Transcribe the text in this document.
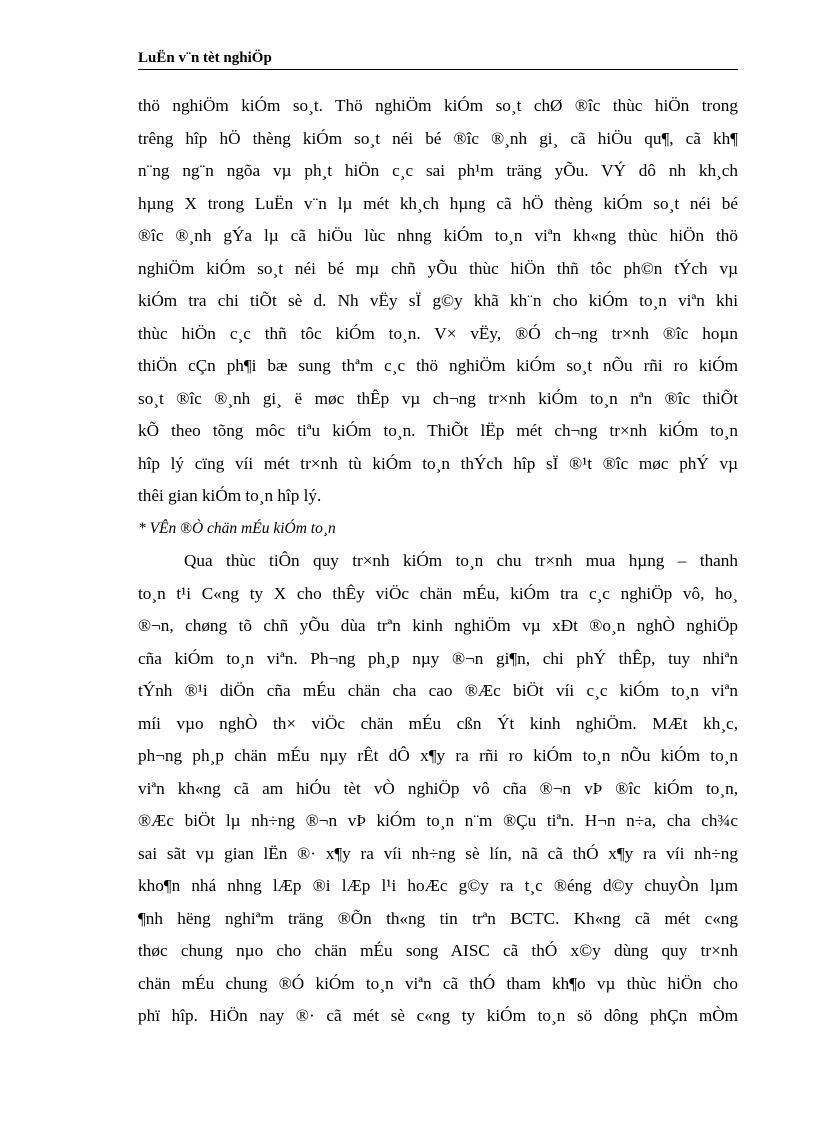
LuËn v¨n tèt nghiÖp
thö nghiÖm kiÓm so¸t. Thö nghiÖm kiÓm so¸t chØ ®îc thùc hiÖn trong
trêng hîp hÖ thèng kiÓm so¸t néi bé ®îc ®¸nh gi¸ cã hiÖu qu¶, cã kh¶
n¨ng ng¨n ngõa vµ ph¸t hiÖn c¸c sai ph¹m träng yÕu. VÝ dô nh kh¸ch
hµng X trong LuËn v¨n lµ mét kh¸ch hµng cã hÖ thèng kiÓm so¸t néi bé
®îc ®¸nh gÝa lµ cã hiÖu lùc nhng kiÓm to¸n viªn kh«ng thùc hiÖn thö
nghiÖm kiÓm so¸t néi bé mµ chñ yÕu thùc hiÖn thñ tôc ph©n tÝch vµ
kiÓm tra chi tiÕt sè d. Nh vËy sÏ g©y khã kh¨n cho kiÓm to¸n viªn khi
thùc hiÖn c¸c thñ tôc kiÓm to¸n. V× vËy, ®Ó ch¬ng tr×nh ®îc hoµn
thiÖn cÇn ph¶i bæ sung thªm c¸c thö nghiÖm kiÓm so¸t nÕu rñi ro kiÓm
so¸t ®îc ®¸nh gi¸ ë møc thÊp vµ ch¬ng tr×nh kiÓm to¸n nªn ®îc thiÕt
kÕ theo tõng môc tiªu kiÓm to¸n. ThiÕt lËp mét ch¬ng tr×nh kiÓm to¸n
hîp lý cïng víi mét tr×nh tù kiÓm to¸n thÝch hîp sÏ ®¹t ®îc møc phÝ vµ
thêi gian kiÓm to¸n hîp lý.
* VÊn ®Ò chän mÉu kiÓm to¸n
Qua thùc tiÔn quy tr×nh kiÓm to¸n chu tr×nh mua hµng – thanh
to¸n t¹i C«ng ty X cho thÊy viÖc chän mÉu, kiÓm tra c¸c nghiÖp vô, ho¸
®¬n, chøng tõ chñ yÕu dùa trªn kinh nghiÖm vµ xÐt ®o¸n nghÒ nghiÖp
cña kiÓm to¸n viªn. Ph¬ng ph¸p nµy ®¬n gi¶n, chi phÝ thÊp, tuy nhiªn
tÝnh ®¹i diÖn cña mÉu chän cha cao ®Æc biÖt víi c¸c kiÓm to¸n viªn
míi vµo nghÒ th× viÖc chän mÉu cßn Ýt kinh nghiÖm. MÆt kh¸c,
ph¬ng ph¸p chän mÉu nµy rÊt dÔ x¶y ra rñi ro kiÓm to¸n nÕu kiÓm to¸n
viªn kh«ng cã am hiÓu tèt vÒ nghiÖp vô cña ®¬n vÞ ®îc kiÓm to¸n,
®Æc biÖt lµ nh÷ng ®¬n vÞ kiÓm to¸n n¨m ®Çu tiªn. H¬n n÷a, cha ch¾c
sai sãt vµ gian lËn ®· x¶y ra víi nh÷ng sè lín, nã cã thÓ x¶y ra víi nh÷ng
kho¶n nhá nhng lÆp ®i lÆp l¹i hoÆc g©y ra t¸c ®éng d©y chuyÒn lµm
¶nh hëng nghiªm träng ®Õn th«ng tin trªn BCTC. Kh«ng cã mét c«ng
thøc chung nµo cho chän mÉu song AISC cã thÓ x©y dùng quy tr×nh
chän mÉu chung ®Ó kiÓm to¸n viªn cã thÓ tham kh¶o vµ thùc hiÖn cho
phï hîp. HiÖn nay ®· cã mét sè c«ng ty kiÓm to¸n sö dông phÇn mÒm
